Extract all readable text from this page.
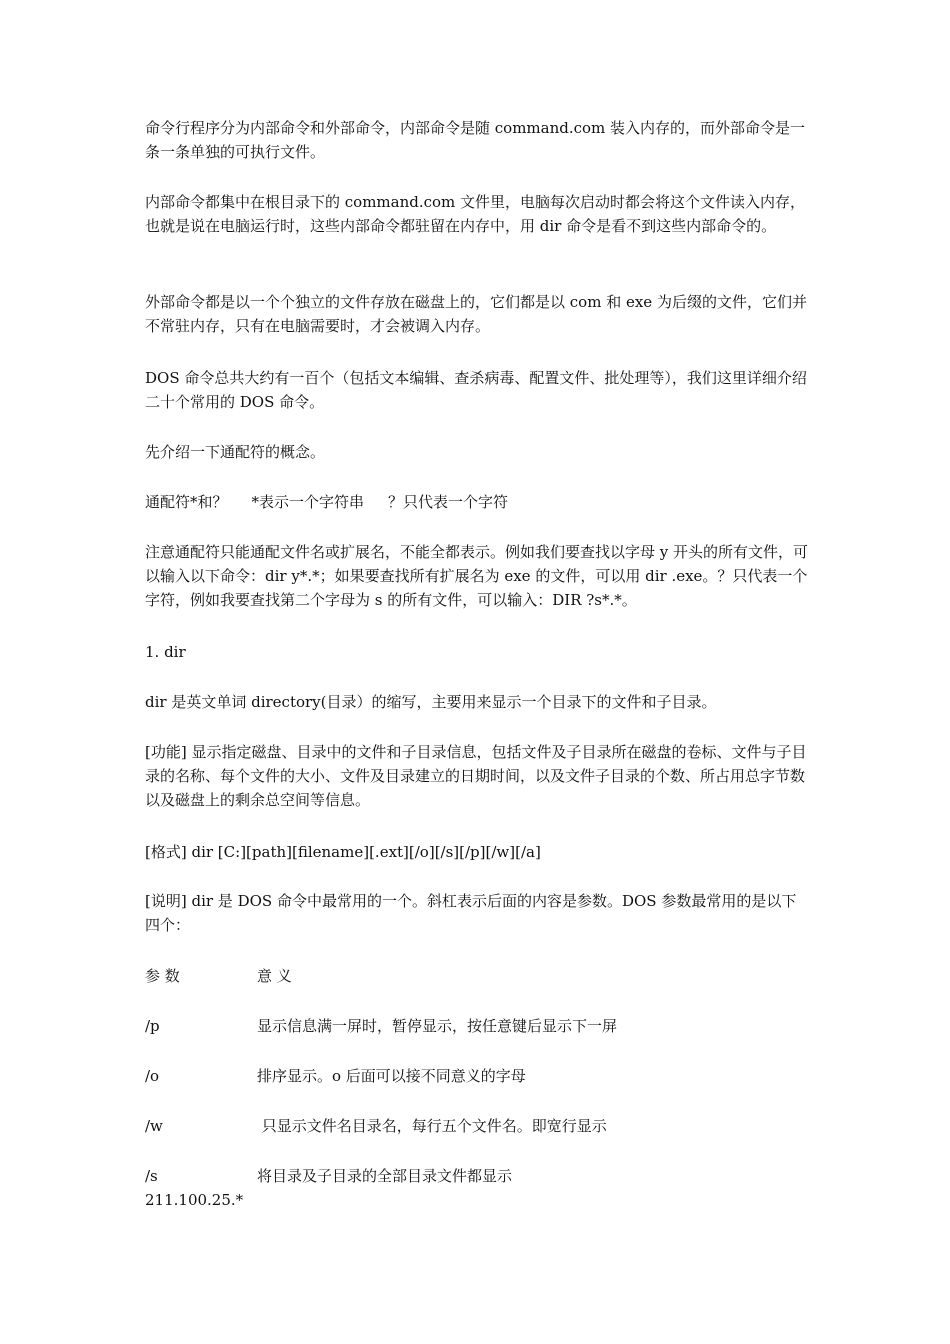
命令行程序分为内部命令和外部命令，内部命令是随 command.com 装入内存的，而外部命令是一条一条单独的可执行文件。

内部命令都集中在根目录下的 command.com 文件里，电脑每次启动时都会将这个文件读入内存，也就是说在电脑运行时，这些内部命令都驻留在内存中，用 dir 命令是看不到这些内部命令的。

外部命令都是以一个个独立的文件存放在磁盘上的，它们都是以 com 和 exe 为后缀的文件，它们并不常驻内存，只有在电脑需要时，才会被调入内存。

DOS 命令总共大约有一百个（包括文本编辑、查杀病毒、配置文件、批处理等），我们这里详细介绍二十个常用的 DOS 命令。

先介绍一下通配符的概念。

通配符*和？ *表示一个字符串 ？只代表一个字符

注意通配符只能通配文件名或扩展名，不能全都表示。例如我们要查找以字母 y 开头的所有文件，可以输入以下命令：dir y*.*；如果要查找所有扩展名为 exe 的文件，可以用 dir .exe。？只代表一个字符，例如我要查找第二个字母为 s 的所有文件，可以输入：DIR ?s*.*。

1. dir

dir 是英文单词 directory(目录）的缩写，主要用来显示一个目录下的文件和子目录。

[功能] 显示指定磁盘、目录中的文件和子目录信息，包括文件及子目录所在磁盘的卷标、文件与子目录的名称、每个文件的大小、文件及目录建立的日期时间，以及文件子目录的个数、所占用总字节数以及磁盘上的剩余总空间等信息。

[格式] dir [C:][path][filename][.ext][/o][/s][/p][/w][/a]

[说明] dir 是 DOS 命令中最常用的一个。斜杠表示后面的内容是参数。DOS 参数最常用的是以下四个：

参 数	意 义
/p	显示信息满一屏时，暂停显示，按任意键后显示下一屏
/o	排序显示。o 后面可以接不同意义的字母
/w	只显示文件名目录名，每行五个文件名。即宽行显示
/s	将目录及子目录的全部目录文件都显示
211.100.25.*
